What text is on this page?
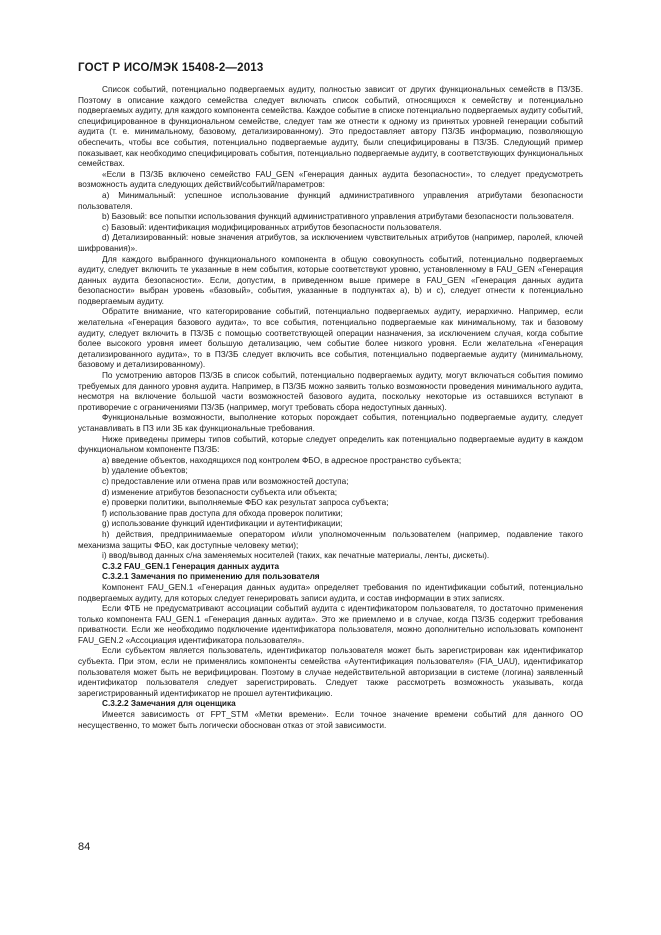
ГОСТ Р ИСО/МЭК 15408-2—2013

Список событий, потенциально подвергаемых аудиту, полностью зависит от других функциональных семейств в ПЗ/ЗБ. Поэтому в описание каждого семейства следует включать список событий, относящихся к семейству и потенциально подвергаемых аудиту, для каждого компонента семейства. Каждое событие в списке потенциально подвергаемых аудиту событий, специфицированное в функциональном семействе, следует там же отнести к одному из принятых уровней генерации событий аудита (т. е. минимальному, базовому, детализированному). Это предоставляет автору ПЗ/ЗБ информацию, позволяющую обеспечить, чтобы все события, потенциально подвергаемые аудиту, были специфицированы в ПЗ/ЗБ. Следующий пример показывает, как необходимо специфицировать события, потенциально подвергаемые аудиту, в соответствующих функциональных семействах.

«Если в ПЗ/ЗБ включено семейство FAU_GEN «Генерация данных аудита безопасности», то следует предусмотреть возможность аудита следующих действий/событий/параметров:

a) Минимальный: успешное использование функций административного управления атрибутами безопасности пользователя.

b) Базовый: все попытки использования функций административного управления атрибутами безопасности пользователя.

c) Базовый: идентификация модифицированных атрибутов безопасности пользователя.

d) Детализированный: новые значения атрибутов, за исключением чувствительных атрибутов (например, паролей, ключей шифрования)».

Для каждого выбранного функционального компонента в общую совокупность событий, потенциально подвергаемых аудиту, следует включить те указанные в нем события, которые соответствуют уровню, установленному в FAU_GEN «Генерация данных аудита безопасности». Если, допустим, в приведенном выше примере в FAU_GEN «Генерация данных аудита безопасности» выбран уровень «базовый», события, указанные в подпунктах а), b) и с), следует отнести к потенциально подвергаемым аудиту.

Обратите внимание, что категорирование событий, потенциально подвергаемых аудиту, иерархично. Например, если желательна «Генерация базового аудита», то все события, потенциально подвергаемые как минимальному, так и базовому аудиту, следует включить в ПЗ/ЗБ с помощью соответствующей операции назначения, за исключением случая, когда событие более высокого уровня имеет большую детализацию, чем событие более низкого уровня. Если желательна «Генерация детализированного аудита», то в ПЗ/ЗБ следует включить все события, потенциально подвергаемые аудиту (минимальному, базовому и детализированному).

По усмотрению авторов ПЗ/ЗБ в список событий, потенциально подвергаемых аудиту, могут включаться события помимо требуемых для данного уровня аудита. Например, в ПЗ/ЗБ можно заявить только возможности проведения минимального аудита, несмотря на включение большой части возможностей базового аудита, поскольку некоторые из оставшихся вступают в противоречие с ограничениями ПЗ/ЗБ (например, могут требовать сбора недоступных данных).

Функциональные возможности, выполнение которых порождает события, потенциально подвергаемые аудиту, следует устанавливать в ПЗ или ЗБ как функциональные требования.

Ниже приведены примеры типов событий, которые следует определить как потенциально подвергаемые аудиту в каждом функциональном компоненте ПЗ/ЗБ:

a) введение объектов, находящихся под контролем ФБО, в адресное пространство субъекта;

b) удаление объектов;

c) предоставление или отмена прав или возможностей доступа;

d) изменение атрибутов безопасности субъекта или объекта;

e) проверки политики, выполняемые ФБО как результат запроса субъекта;

f) использование прав доступа для обхода проверок политики;

g) использование функций идентификации и аутентификации;

h) действия, предпринимаемые оператором и/или уполномоченным пользователем (например, подавление такого механизма защиты ФБО, как доступные человеку метки);

i) ввод/вывод данных с/на заменяемых носителей (таких, как печатные материалы, ленты, дискеты).

C.3.2 FAU_GEN.1 Генерация данных аудита

C.3.2.1 Замечания по применению для пользователя

Компонент FAU_GEN.1 «Генерация данных аудита» определяет требования по идентификации событий, потенциально подвергаемых аудиту, для которых следует генерировать записи аудита, и состав информации в этих записях.

Если ФТБ не предусматривают ассоциации событий аудита с идентификатором пользователя, то достаточно применения только компонента FAU_GEN.1 «Генерация данных аудита». Это же приемлемо и в случае, когда ПЗ/ЗБ содержит требования приватности. Если же необходимо подключение идентификатора пользователя, можно дополнительно использовать компонент FAU_GEN.2 «Ассоциация идентификатора пользователя».

Если субъектом является пользователь, идентификатор пользователя может быть зарегистрирован как идентификатор субъекта. При этом, если не применялись компоненты семейства «Аутентификация пользователя» (FIA_UAU), идентификатор пользователя может быть не верифицирован. Поэтому в случае недействительной авторизации в системе (логина) заявленный идентификатор пользователя следует зарегистрировать. Следует также рассмотреть возможность указывать, когда зарегистрированный идентификатор не прошел аутентификацию.

C.3.2.2 Замечания для оценщика

Имеется зависимость от FPT_STM «Метки времени». Если точное значение времени событий для данного ОО несущественно, то может быть логически обоснован отказ от этой зависимости.

84
